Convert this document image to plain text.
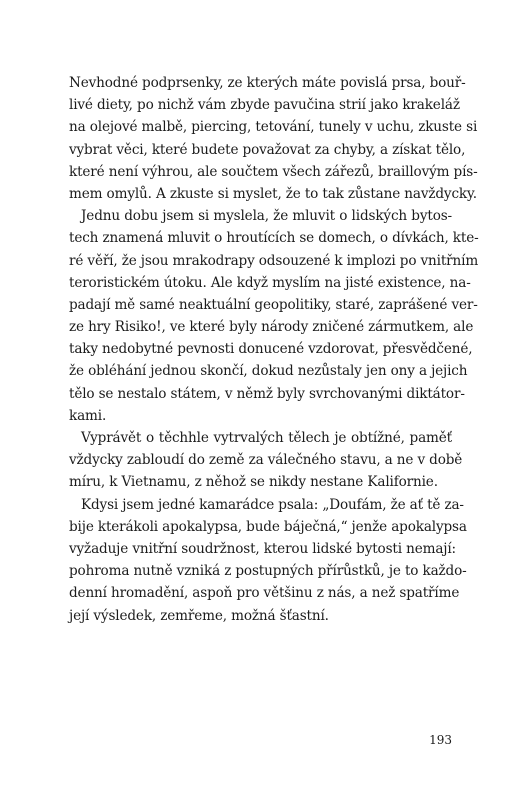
Nevhodné podprsenky, ze kterých máte povislá prsa, bouř-
livé diety, po nichž vám zbyde pavučina strií jako krakeláž
na olejové malbě, piercing, tetování, tunely v uchu, zkuste si
vybrat věci, které budete považovat za chyby, a získat tělo,
které není výhrou, ale součtem všech zářezů, braillovým pís-
mem omylů. A zkuste si myslet, že to tak zůstane navždycky.
Jednu dobu jsem si myslela, že mluvit o lidských bytos-
tech znamená mluvit o hroutících se domech, o dívkách, kte-
ré věří, že jsou mrakodrapy odsouzené k implozi po vnitřním
teroristickém útoku. Ale když myslím na jisté existence, na-
padají mě samé neaktuální geopolitiky, staré, zaprášené ver-
ze hry Risiko!, ve které byly národy zničené zármutkem, ale
taky nedobytné pevnosti donucené vzdorovat, přesvědčené,
že obléhání jednou skončí, dokud nezůstaly jen ony a jejich
tělo se nestalo státem, v němž byly svrchovanými diktátor-
kami.
Vyprávět o těchhle vytrvalých tělech je obtížné, paměť
vždycky zabloudí do země za válečného stavu, a ne v době
míru, k Vietnamu, z něhož se nikdy nestane Kalifornie.
Kdysi jsem jedné kamarádce psala: „Doufám, že ať tě za-
bije kterákoli apokalypsa, bude báječná,“ jenže apokalypsa
vyžaduje vnitřní soudržnost, kterou lidské bytosti nemají:
pohroma nutně vzniká z postupných přírůstků, je to každo-
denní hromadění, aspoň pro většinu z nás, a než spatříme
její výsledek, zemřeme, možná šťastní.
193
